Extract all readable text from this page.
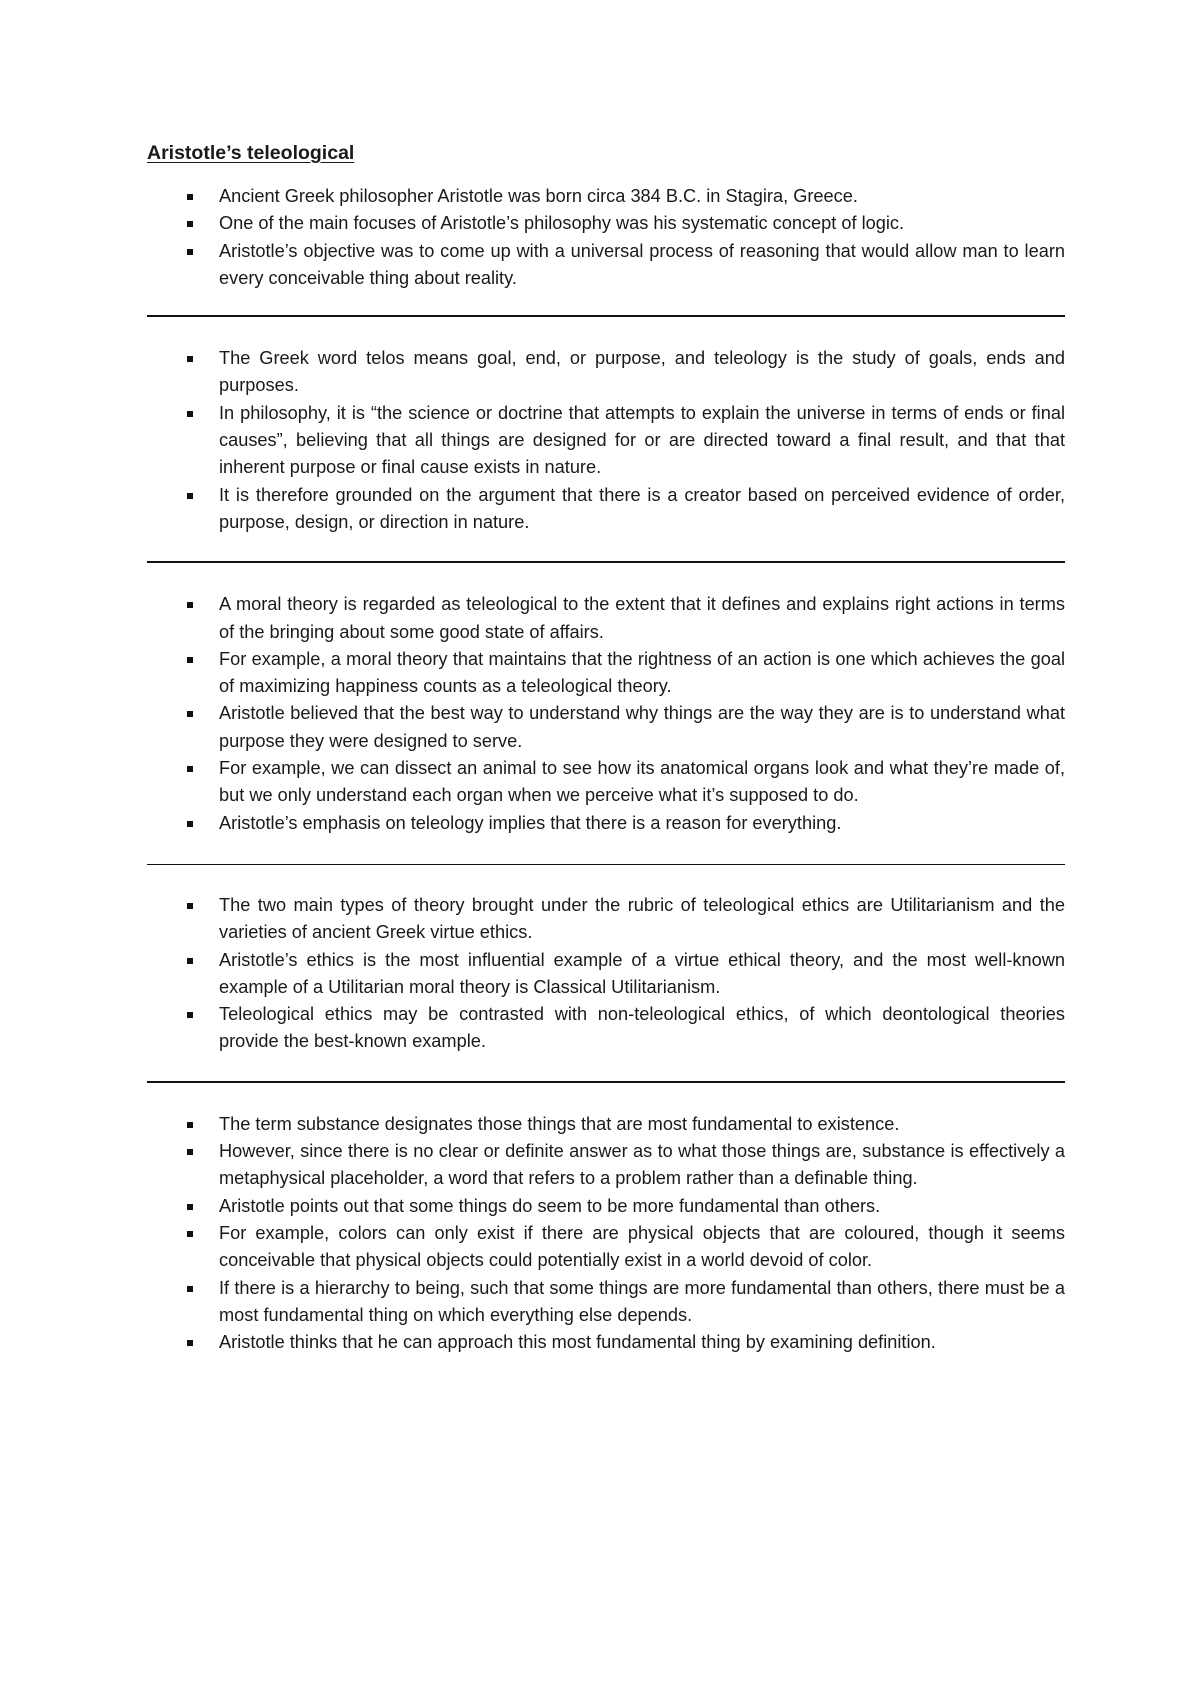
Aristotle’s teleological
Ancient Greek philosopher Aristotle was born circa 384 B.C. in Stagira, Greece.
One of the main focuses of Aristotle’s philosophy was his systematic concept of logic.
Aristotle’s objective was to come up with a universal process of reasoning that would allow man to learn every conceivable thing about reality.
The Greek word telos means goal, end, or purpose, and teleology is the study of goals, ends and purposes.
In philosophy, it is “the science or doctrine that attempts to explain the universe in terms of ends or final causes”, believing that all things are designed for or are directed toward a final result, and that that inherent purpose or final cause exists in nature.
It is therefore grounded on the argument that there is a creator based on perceived evidence of order, purpose, design, or direction in nature.
A moral theory is regarded as teleological to the extent that it defines and explains right actions in terms of the bringing about some good state of affairs.
For example, a moral theory that maintains that the rightness of an action is one which achieves the goal of maximizing happiness counts as a teleological theory.
Aristotle believed that the best way to understand why things are the way they are is to understand what purpose they were designed to serve.
For example, we can dissect an animal to see how its anatomical organs look and what they’re made of, but we only understand each organ when we perceive what it’s supposed to do.
Aristotle’s emphasis on teleology implies that there is a reason for everything.
The two main types of theory brought under the rubric of teleological ethics are Utilitarianism and the varieties of ancient Greek virtue ethics.
Aristotle’s ethics is the most influential example of a virtue ethical theory, and the most well-known example of a Utilitarian moral theory is Classical Utilitarianism.
Teleological ethics may be contrasted with non-teleological ethics, of which deontological theories provide the best-known example.
The term substance designates those things that are most fundamental to existence.
However, since there is no clear or definite answer as to what those things are, substance is effectively a metaphysical placeholder, a word that refers to a problem rather than a definable thing.
Aristotle points out that some things do seem to be more fundamental than others.
For example, colors can only exist if there are physical objects that are coloured, though it seems conceivable that physical objects could potentially exist in a world devoid of color.
If there is a hierarchy to being, such that some things are more fundamental than others, there must be a most fundamental thing on which everything else depends.
Aristotle thinks that he can approach this most fundamental thing by examining definition.
